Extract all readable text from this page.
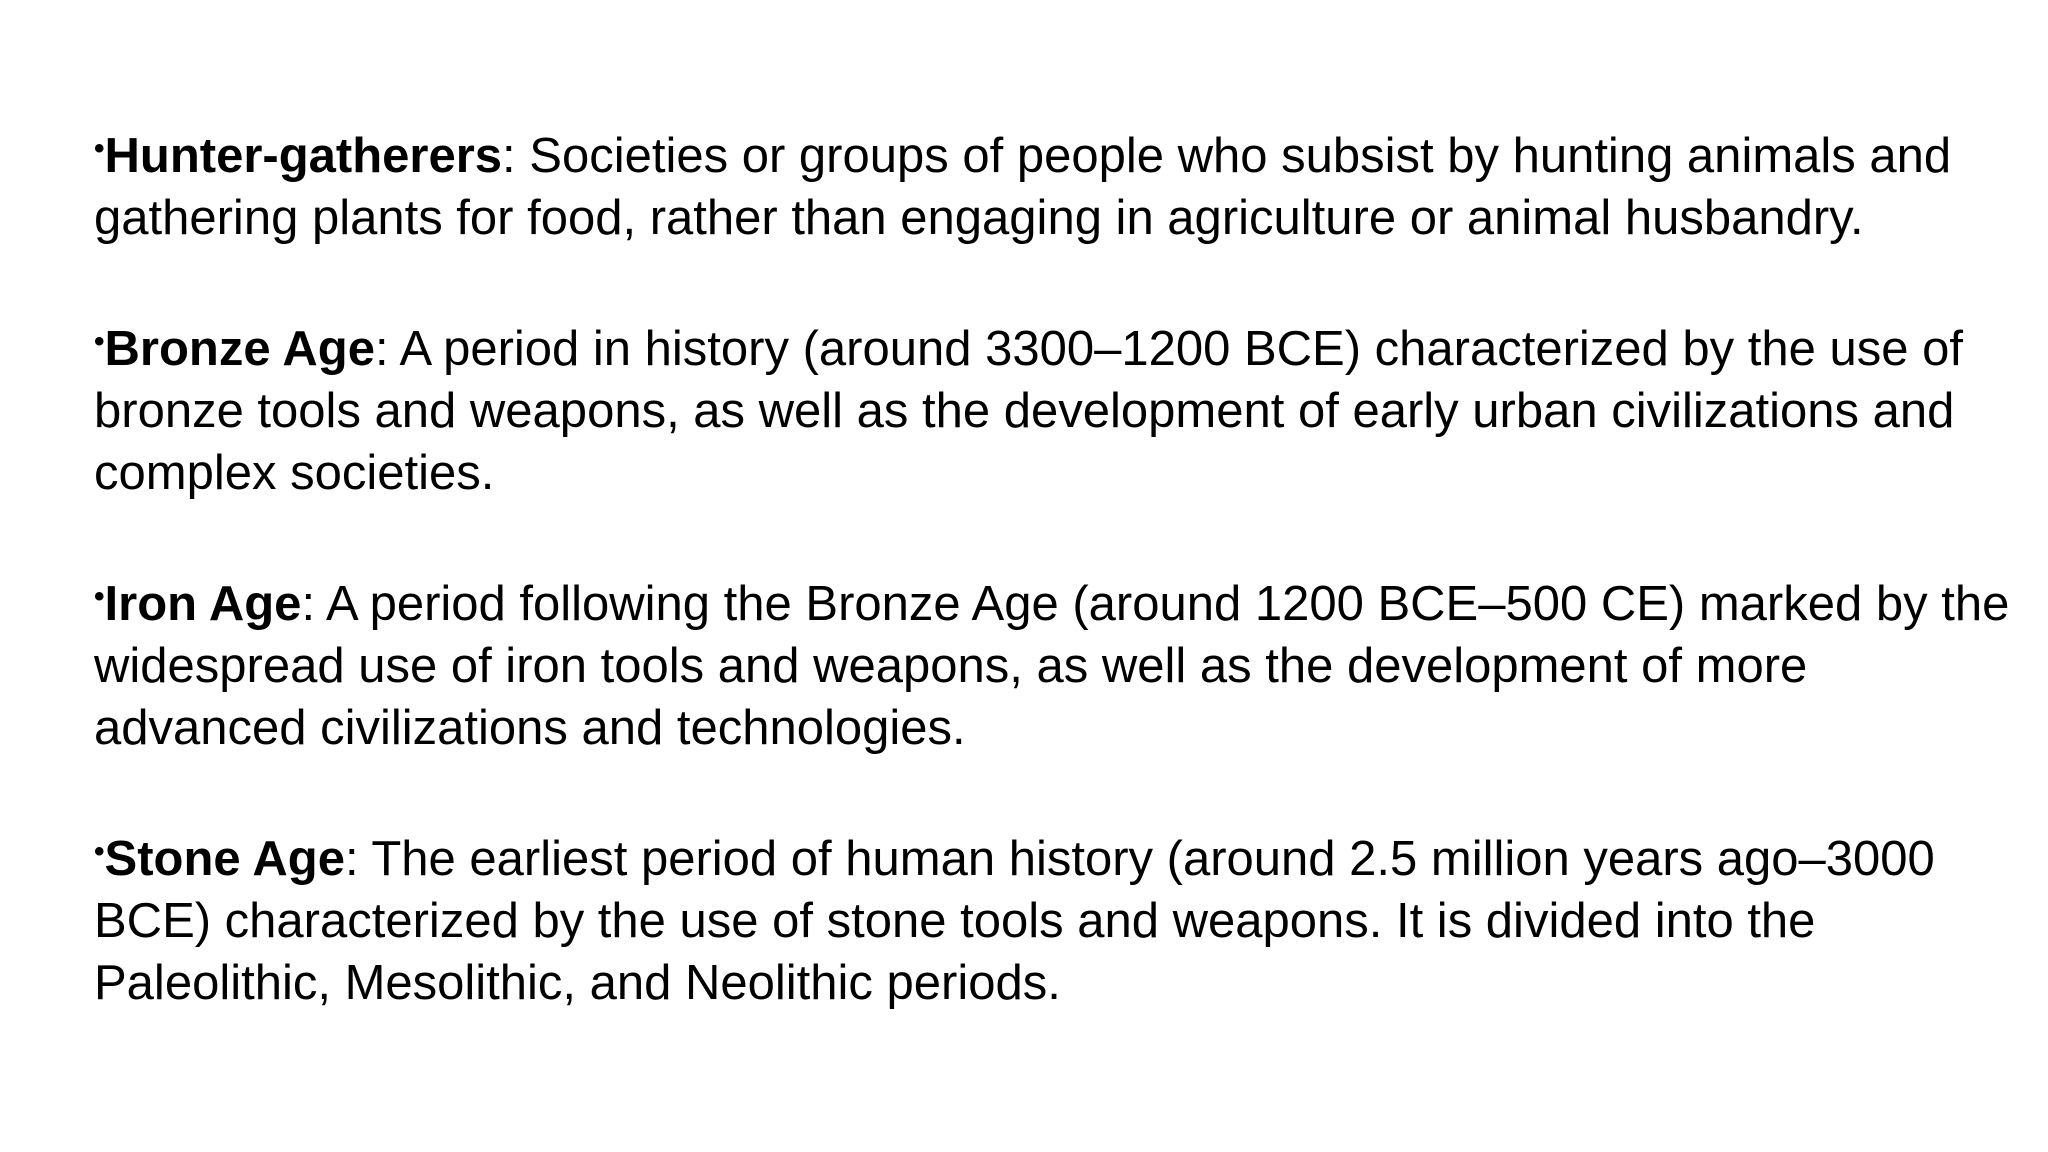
•Hunter-gatherers: Societies or groups of people who subsist by hunting animals and gathering plants for food, rather than engaging in agriculture or animal husbandry.

•Bronze Age: A period in history (around 3300–1200 BCE) characterized by the use of bronze tools and weapons, as well as the development of early urban civilizations and complex societies.

•Iron Age: A period following the Bronze Age (around 1200 BCE–500 CE) marked by the widespread use of iron tools and weapons, as well as the development of more advanced civilizations and technologies.

•Stone Age: The earliest period of human history (around 2.5 million years ago–3000 BCE) characterized by the use of stone tools and weapons. It is divided into the Paleolithic, Mesolithic, and Neolithic periods.
